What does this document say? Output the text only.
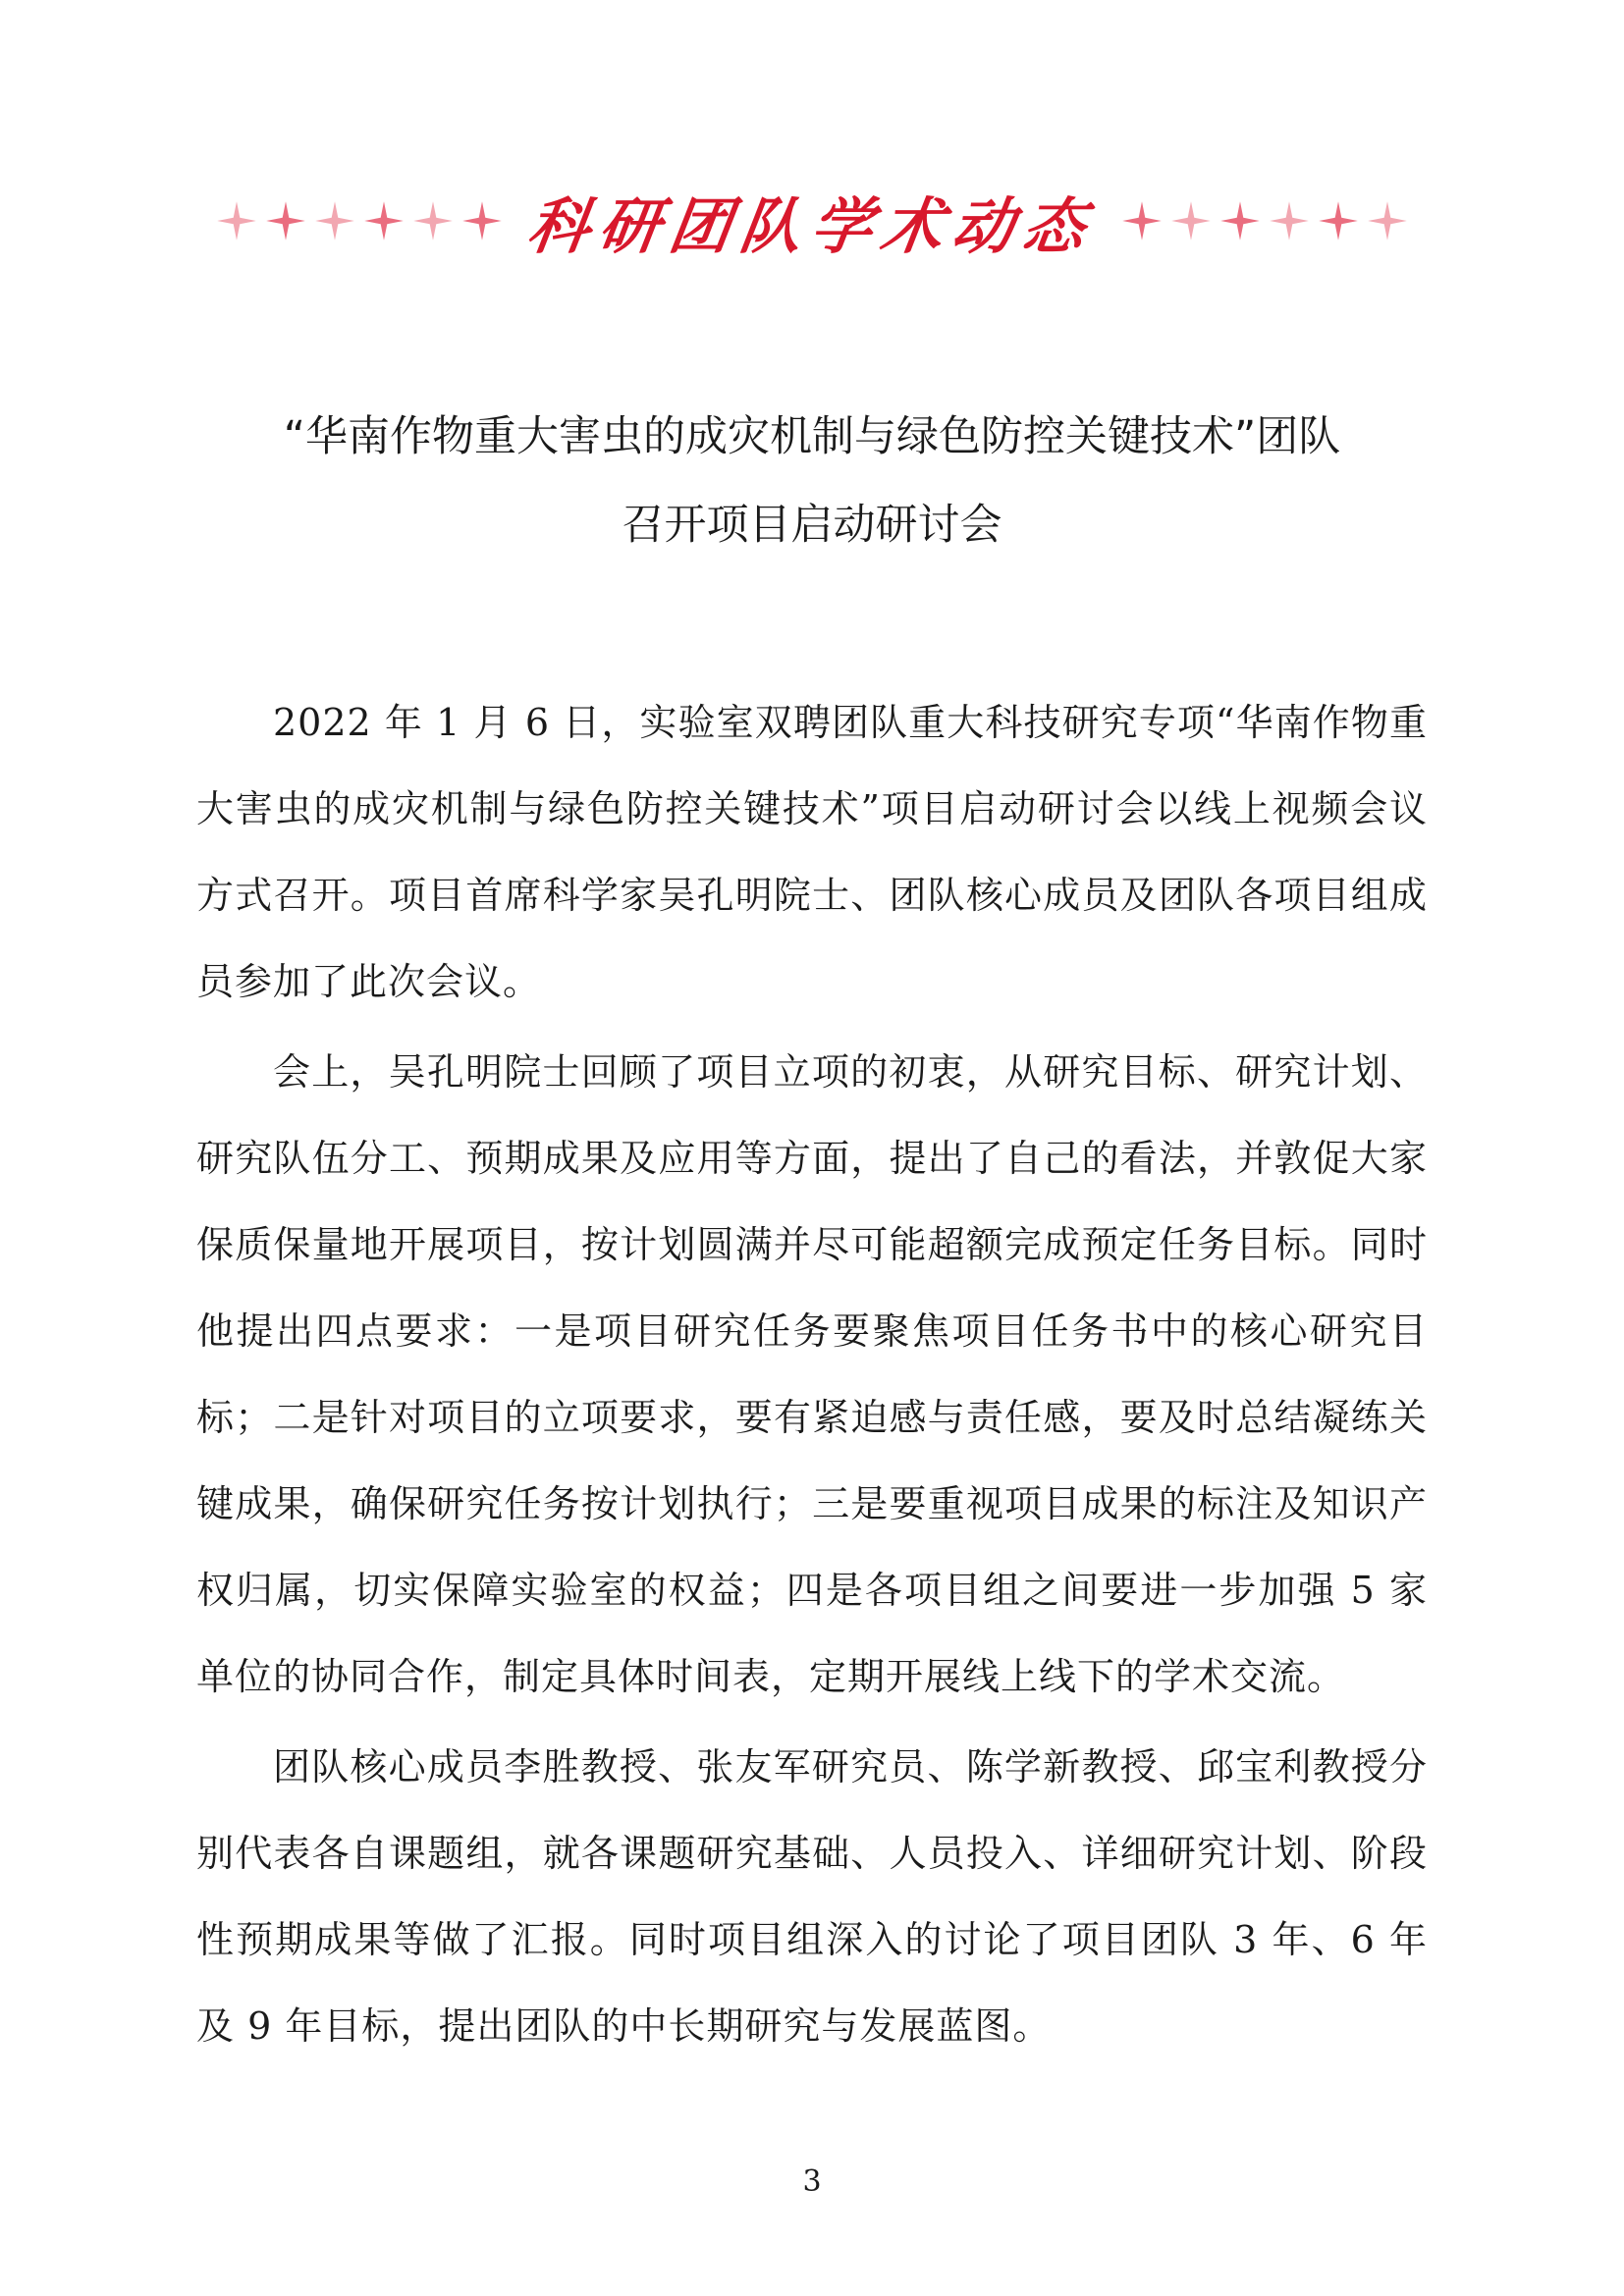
科研团队学术动态
“华南作物重大害虫的成灾机制与绿色防控关键技术”团队
召开项目启动研讨会

2022 年 1 月 6 日，实验室双聘团队重大科技研究专项“华南作物重大害虫的成灾机制与绿色防控关键技术”项目启动研讨会以线上视频会议方式召开。项目首席科学家吴孔明院士、团队核心成员及团队各项目组成员参加了此次会议。

会上，吴孔明院士回顾了项目立项的初衷，从研究目标、研究计划、研究队伍分工、预期成果及应用等方面，提出了自己的看法，并敦促大家保质保量地开展项目，按计划圆满并尽可能超额完成预定任务目标。同时他提出四点要求：一是项目研究任务要聚焦项目任务书中的核心研究目标；二是针对项目的立项要求，要有紧迫感与责任感，要及时总结凝练关键成果，确保研究任务按计划执行；三是要重视项目成果的标注及知识产权归属，切实保障实验室的权益；四是各项目组之间要进一步加强 5 家单位的协同合作，制定具体时间表，定期开展线上线下的学术交流。

团队核心成员李胜教授、张友军研究员、陈学新教授、邱宝利教授分别代表各自课题组，就各课题研究基础、人员投入、详细研究计划、阶段性预期成果等做了汇报。同时项目组深入的讨论了项目团队 3 年、6 年及 9 年目标，提出团队的中长期研究与发展蓝图。

3
